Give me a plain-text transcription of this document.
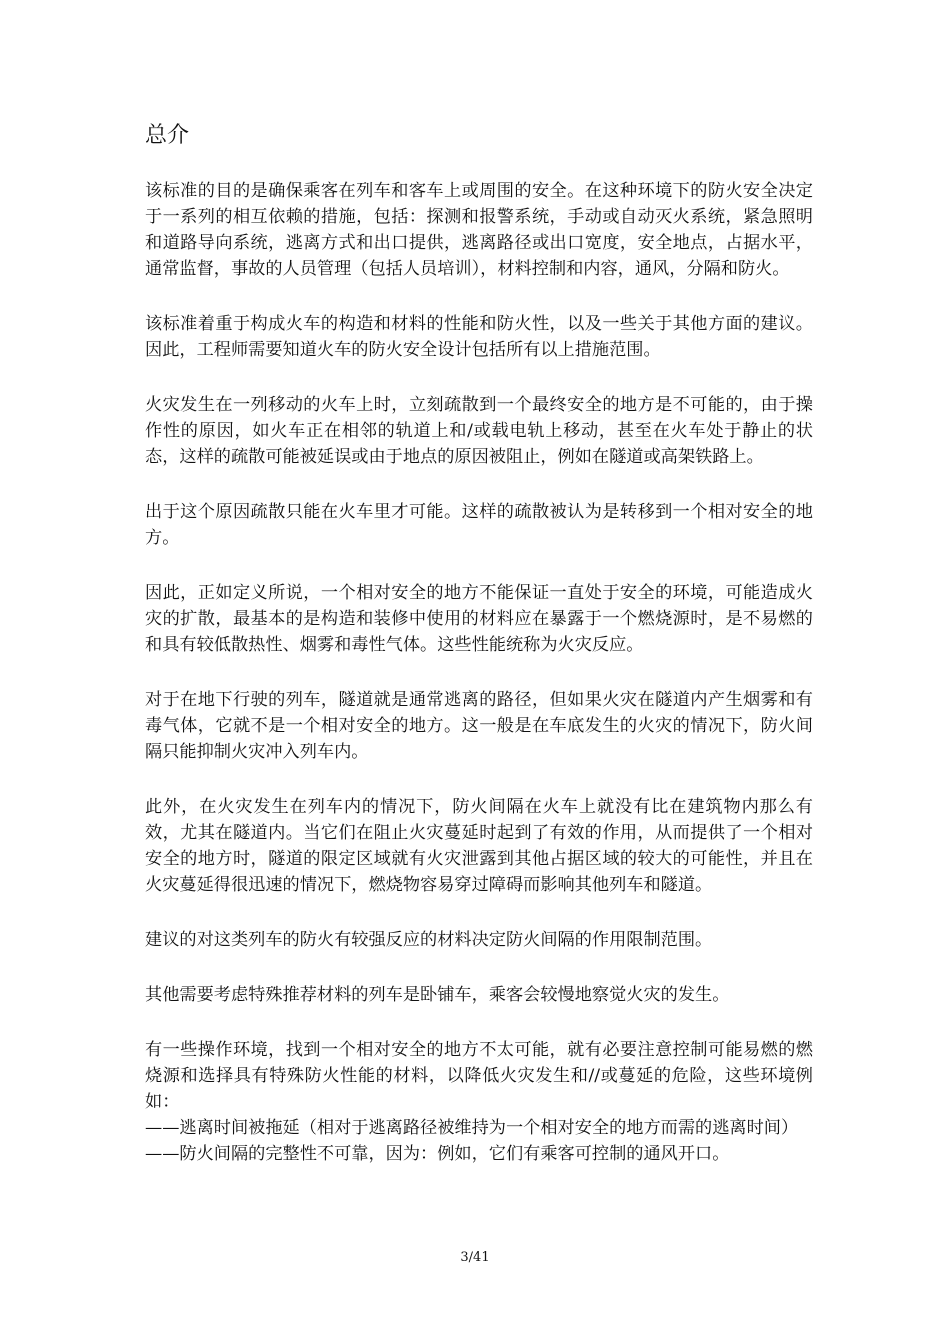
总介

该标准的目的是确保乘客在列车和客车上或周围的安全。在这种环境下的防火安全决定于一系列的相互依赖的措施，包括：探测和报警系统，手动或自动灭火系统，紧急照明和道路导向系统，逃离方式和出口提供，逃离路径或出口宽度，安全地点，占据水平，通常监督，事故的人员管理（包括人员培训），材料控制和内容，通风，分隔和防火。

该标准着重于构成火车的构造和材料的性能和防火性，以及一些关于其他方面的建议。因此，工程师需要知道火车的防火安全设计包括所有以上措施范围。

火灾发生在一列移动的火车上时，立刻疏散到一个最终安全的地方是不可能的，由于操作性的原因，如火车正在相邻的轨道上和/或载电轨上移动，甚至在火车处于静止的状态，这样的疏散可能被延误或由于地点的原因被阻止，例如在隧道或高架铁路上。

出于这个原因疏散只能在火车里才可能。这样的疏散被认为是转移到一个相对安全的地方。

因此，正如定义所说，一个相对安全的地方不能保证一直处于安全的环境，可能造成火灾的扩散，最基本的是构造和装修中使用的材料应在暴露于一个燃烧源时，是不易燃的和具有较低散热性、烟雾和毒性气体。这些性能统称为火灾反应。

对于在地下行驶的列车，隧道就是通常逃离的路径，但如果火灾在隧道内产生烟雾和有毒气体，它就不是一个相对安全的地方。这一般是在车底发生的火灾的情况下，防火间隔只能抑制火灾冲入列车内。

此外，在火灾发生在列车内的情况下，防火间隔在火车上就没有比在建筑物内那么有效，尤其在隧道内。当它们在阻止火灾蔓延时起到了有效的作用，从而提供了一个相对安全的地方时，隧道的限定区域就有火灾泄露到其他占据区域的较大的可能性，并且在火灾蔓延得很迅速的情况下，燃烧物容易穿过障碍而影响其他列车和隧道。

建议的对这类列车的防火有较强反应的材料决定防火间隔的作用限制范围。

其他需要考虑特殊推荐材料的列车是卧铺车，乘客会较慢地察觉火灾的发生。

有一些操作环境，找到一个相对安全的地方不太可能，就有必要注意控制可能易燃的燃烧源和选择具有特殊防火性能的材料，以降低火灾发生和//或蔓延的危险，这些环境例如：

——逃离时间被拖延（相对于逃离路径被维持为一个相对安全的地方而需的逃离时间）

——防火间隔的完整性不可靠，因为：例如，它们有乘客可控制的通风开口。

3/41
